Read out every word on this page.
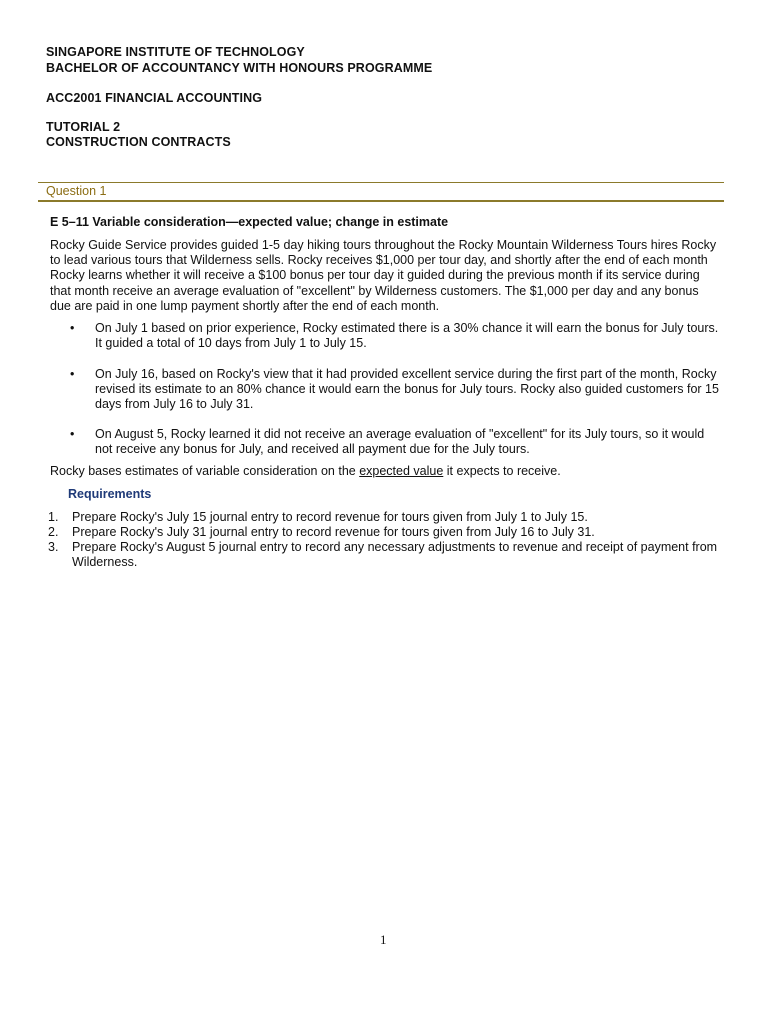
SINGAPORE INSTITUTE OF TECHNOLOGY
BACHELOR OF ACCOUNTANCY WITH HONOURS PROGRAMME
ACC2001 FINANCIAL ACCOUNTING
TUTORIAL 2
CONSTRUCTION CONTRACTS
Question 1
E 5–11 Variable consideration—expected value; change in estimate
Rocky Guide Service provides guided 1-5 day hiking tours throughout the Rocky Mountain Wilderness Tours hires Rocky
to lead various tours that Wilderness sells. Rocky receives $1,000 per tour day, and shortly after the end of each month
Rocky learns whether it will receive a $100 bonus per tour day it guided during the previous month if its service during
that month receive an average evaluation of "excellent" by Wilderness customers. The $1,000 per day and any bonus
due are paid in one lump payment shortly after the end of each month.
• On July 1 based on prior experience, Rocky estimated there is a 30% chance it will earn the bonus for July tours.
It guided a total of 10 days from July 1 to July 15.
• On July 16, based on Rocky's view that it had provided excellent service during the first part of the month, Rocky
revised its estimate to an 80% chance it would earn the bonus for July tours. Rocky also guided customers for 15
days from July 16 to July 31.
• On August 5, Rocky learned it did not receive an average evaluation of "excellent" for its July tours, so it would
not receive any bonus for July, and received all payment due for the July tours.
Rocky bases estimates of variable consideration on the expected value it expects to receive.
Requirements
1. Prepare Rocky's July 15 journal entry to record revenue for tours given from July 1 to July 15.
2. Prepare Rocky's July 31 journal entry to record revenue for tours given from July 16 to July 31.
3. Prepare Rocky's August 5 journal entry to record any necessary adjustments to revenue and receipt of payment from
Wilderness.
1
